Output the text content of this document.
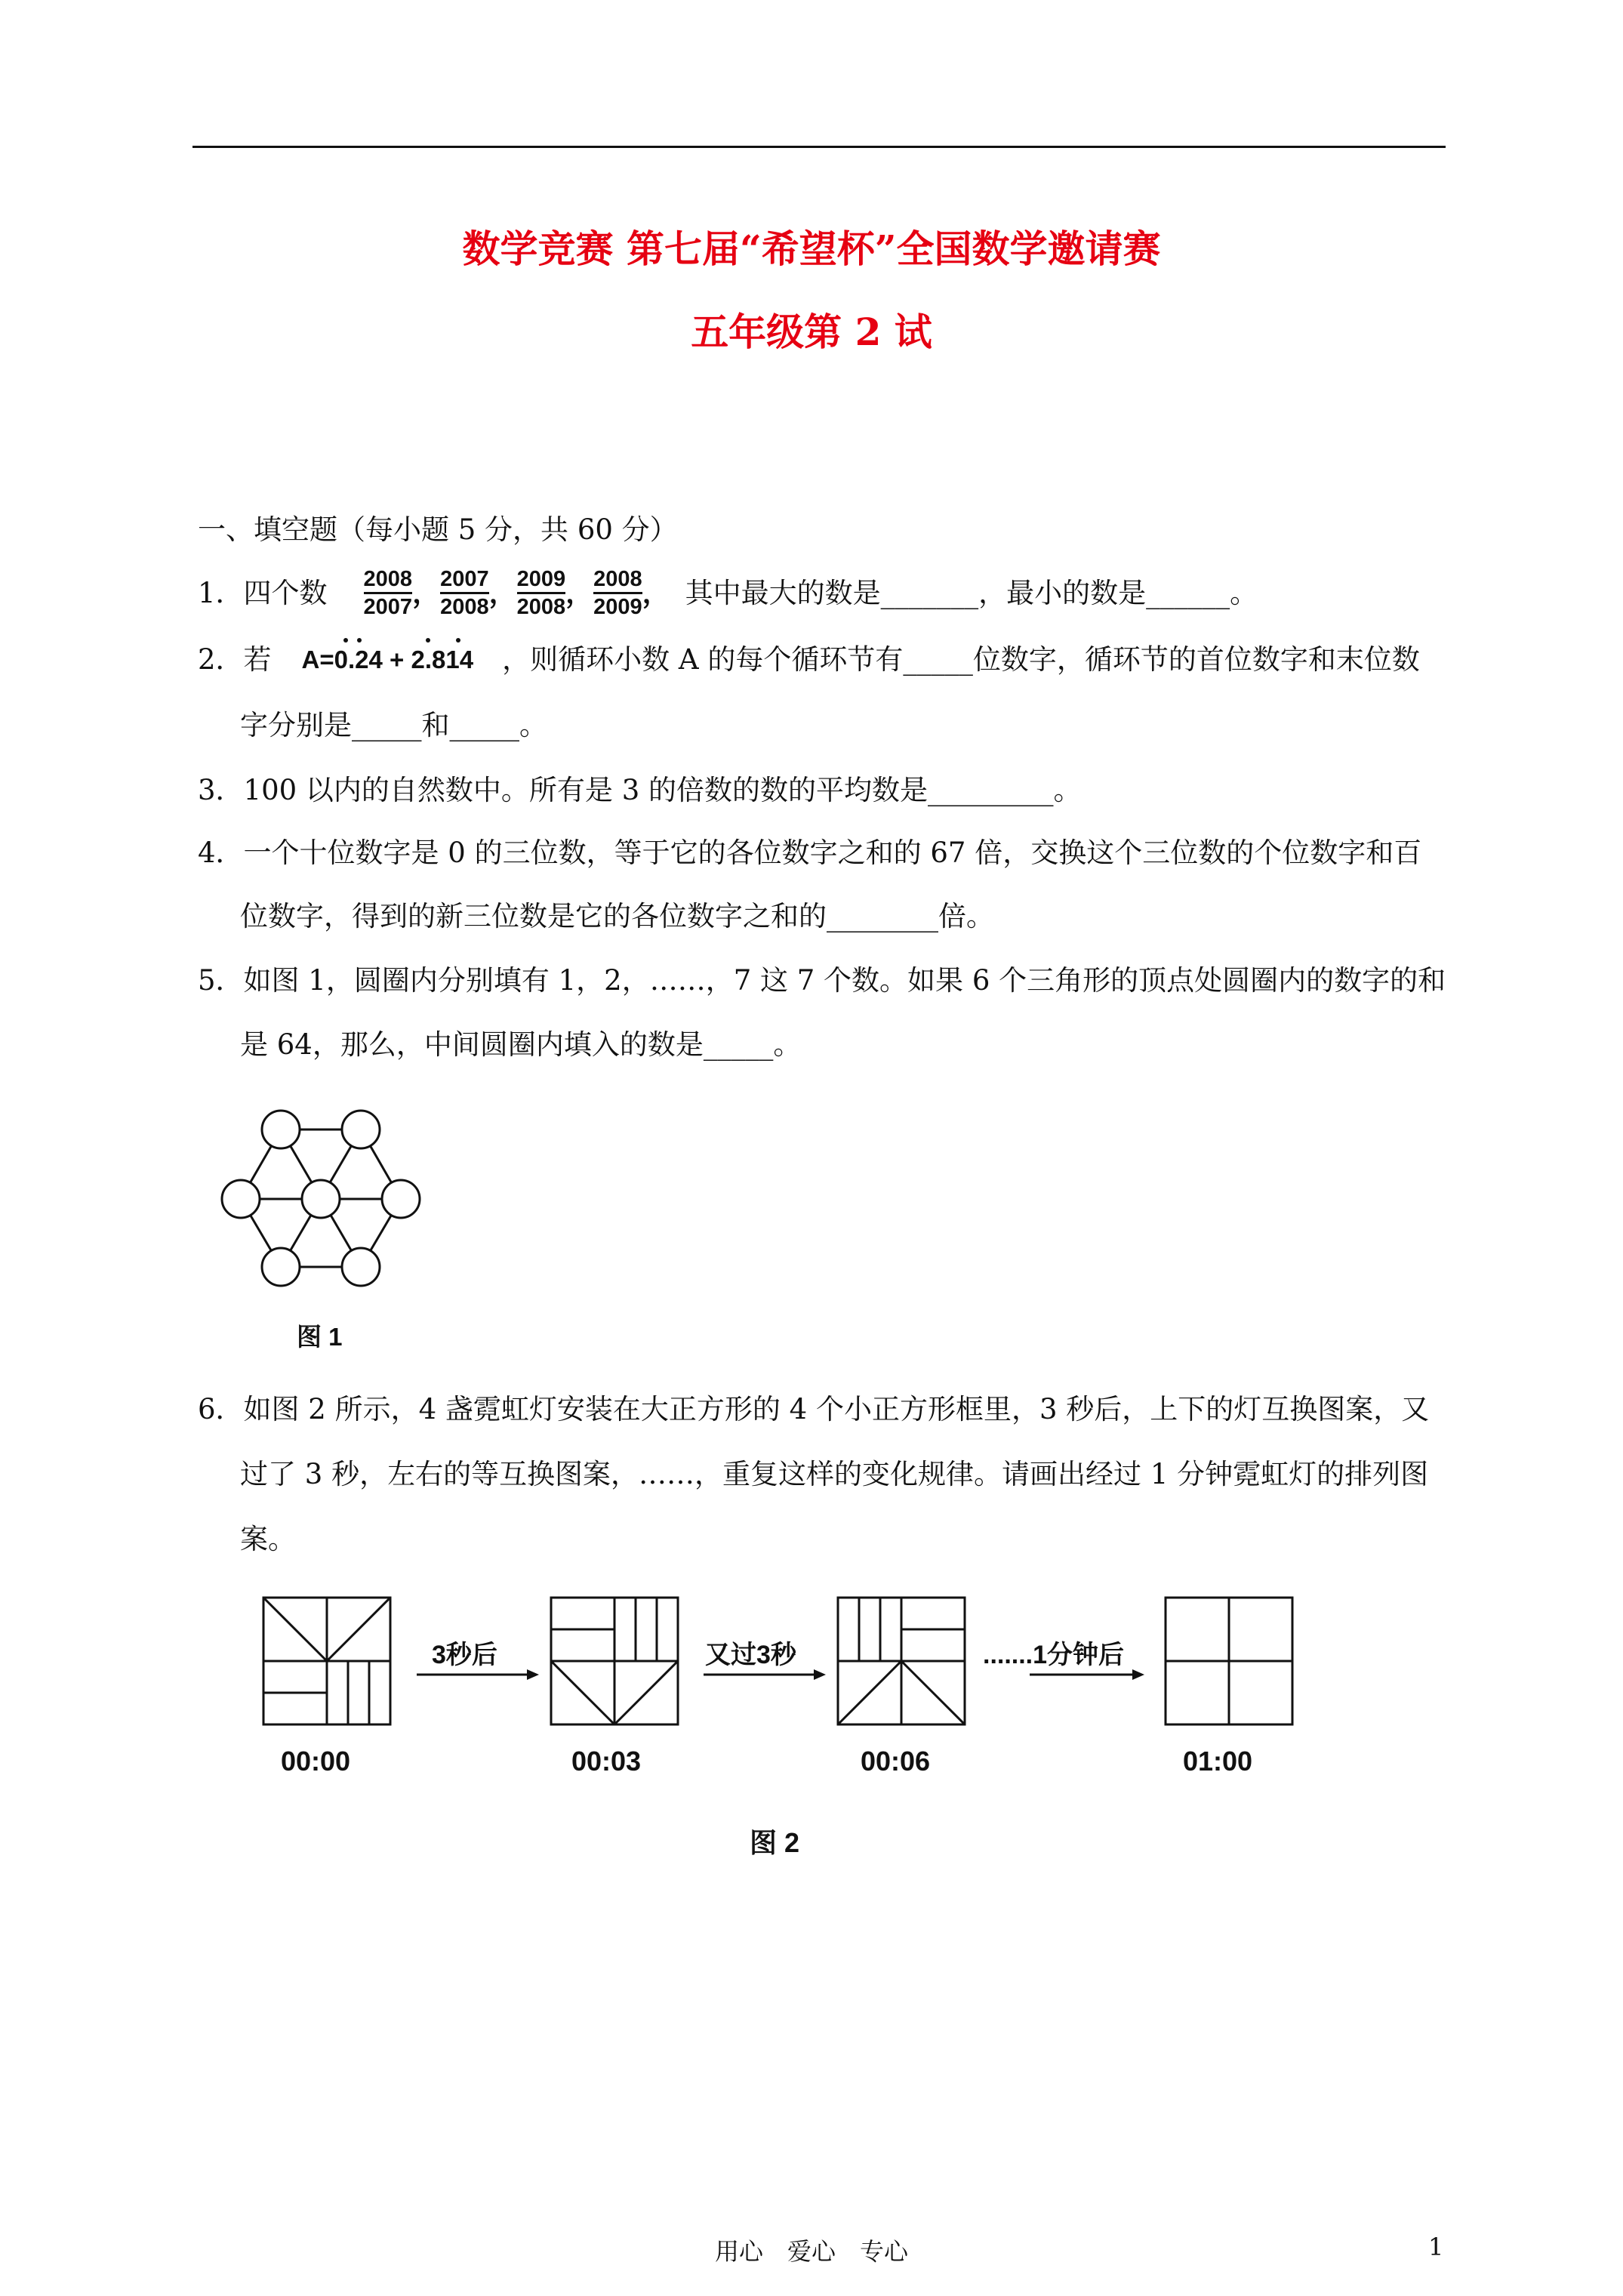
数学竞赛 第七届“希望杯”全国数学邀请赛
五年级第 2 试
一、填空题（每小题 5 分，共 60 分）
1． 四个数 $\frac{2008}{2007}$ ， $\frac{2007}{2008}$ ， $\frac{2009}{2008}$ ， $\frac{2008}{2009}$ ， 其中最大的数是_______，最小的数是______。
2． 若 A=0.24 + 2.814 ，则循环小数 A 的每个循环节有_____位数字，循环节的首位数字和末位数
字分别是_____和_____。
3．100 以内的自然数中。所有是 3 的倍数的数的平均数是_________。
4．一个十位数字是 0 的三位数，等于它的各位数字之和的 67 倍，交换这个三位数的个位数字和百
位数字，得到的新三位数是它的各位数字之和的________倍。
5．如图 1，圆圈内分别填有 1，2，……，7 这 7 个数。如果 6 个三角形的顶点处圆圈内的数字的和
是 64，那么，中间圆圈内填入的数是_____。
图 1
6．如图 2 所示，4 盏霓虹灯安装在大正方形的 4 个小正方形框里，3 秒后，上下的灯互换图案，又
过了 3 秒，左右的等互换图案，……，重复这样的变化规律。请画出经过 1 分钟霓虹灯的排列图
案。
3秒后	又过3秒	.......1分钟后
00:00	00:03	00:06	01:00
图 2
用心　爱心　专心	1
